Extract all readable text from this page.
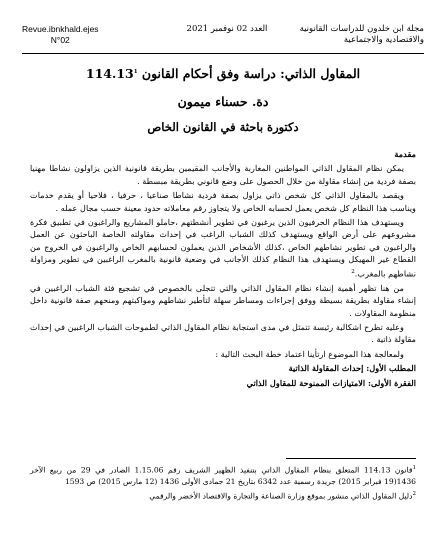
Revue.ibnkhald.ejes
N°02
العدد 02 نوفمبر 2021	مجلة ابن خلدون للدراسات القانونية
والاقتصادية والاجتماعية
المقاول الذاتي: دراسة وفق أحكام القانون 114.13$^1$
دة. حسناء ميمون
دكتورة باحثة في القانون الخاص

مقدمة

يمكن نظام المقاول الذاتي المواطنين المغاربة والأجانب المقيمين بطريقة قانونية الذين يزاولون نشاطا مهنيا بصفة فردية من إنشاء مقاولة من خلال الحصول على وضع قانوني بطريقة مبسطة .

ويقصد بالمقاول الذاتي كل شخص ذاتي يزاول بصفة فردية نشاطا صناعيا ، حرفيا ، فلاحيا أو يقدم خدمات ويناسب هذا النظام كل شخص يعمل لحسابه الخاص ولا يتجاوز رقم معاملاته حدود معينة حسب مجال عمله .

ويستهدف هذا النظام الحرفيون الذين يرغبون في تطوير أنشطتهم ،حاملو المشاريع والراغبون في تطبيق فكرة مشروعهم على أرض الواقع ويستهدف كذلك الشباب الراغب في إحداث مقاولته الخاصة الباحثون عن العمل والراغبون في تطوير نشاطهم الخاص ،كذلك الأشخاص الذين يعملون لحسابهم الخاص والراغبون في الخروج من القطاع غير المهيكل ويستهدف هذا النظام كذلك الأجانب في وضعية قانونية بالمغرب الراغبين في تطوير ومزاولة نشاطهم بالمغرب.$^2$

من هنا تظهر أهمية إنشاء نظام المقاول الذاتي والتي تتجلى بالخصوص في تشجيع فئة الشباب الراغبين في إنشاء مقاولة بطريقة بسيطة ووفق إجراءات ومساطر سهلة لتأطير نشاطهم ومواكبتهم ومنحهم صفة قانونية داخل منظومة المقاولات .

وعليه تطرح اشكالية رئيسة تتمثل في مدى استجابة نظام المقاول الذاتي لطموحات الشباب الراغبين في إحداث مقاولة ذاتية .

ولمعالجة هذا الموضوع ارتأينا اعتماد خطة البحث التالية :

المطلب الأول: إحداث المقاولة الذاتية

الفقرة الأولى: الامتيازات الممنوحة للمقاول الذاتي

$^1$قانون 114.13 المتعلق بنظام المقاول الذاتي بتنفيذ الظهير الشريف رقم 1.15.06 الصادر في 29 من ربيع الآخر 1436(19 فبراير 2015) جريدة رسمية عدد 6342 بتاريخ 21 جمادى الأولى 1436 (12 مارس 2015) ص 1593

$^2$دليل المقاول الذاتي منشور بموقع وزارة الصناعة والتجارة والاقتصاد الأخضر والرقمي
